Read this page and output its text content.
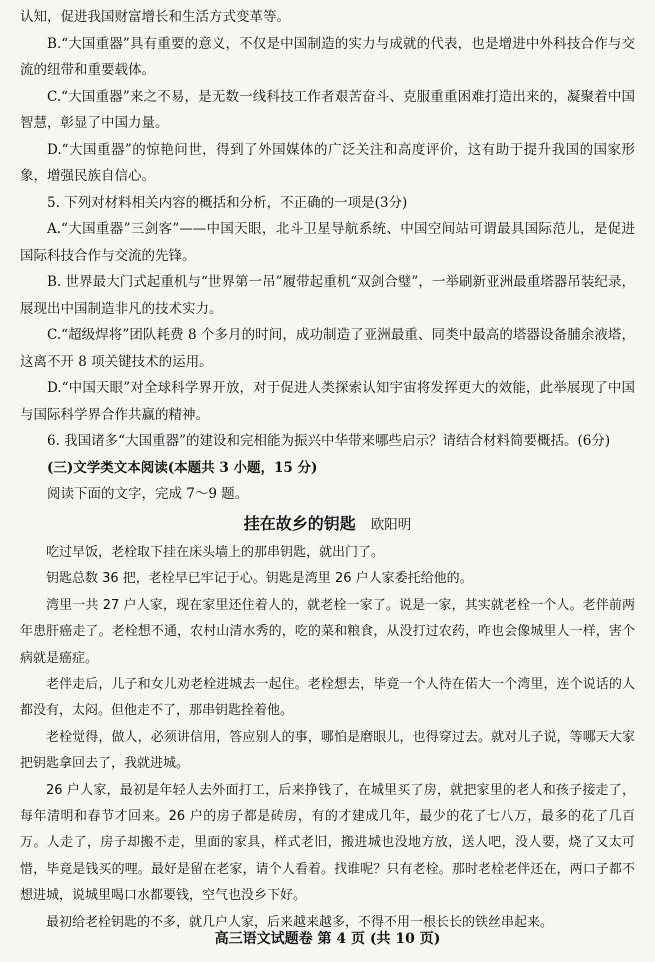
认知，促进我国财富增长和生活方式变革等。

B.“大国重器”具有重要的意义，不仅是中国制造的实力与成就的代表，也是增进中外科技合作与交流的纽带和重要载体。

C.“大国重器”来之不易，是无数一线科技工作者艰苦奋斗、克服重重困难打造出来的，凝聚着中国智慧，彰显了中国力量。

D.“大国重器”的惊艳问世，得到了外国媒体的广泛关注和高度评价，这有助于提升我国的国家形象，增强民族自信心。

5. 下列对材料相关内容的概括和分析，不正确的一项是(3分)

A.“大国重器”三剑客”——中国天眼，北斗卫星导航系统、中国空间站可谓最具国际范儿，是促进国际科技合作与交流的先锋。

B. 世界最大门式起重机与“世界第一吊”履带起重机“双剑合璧”，一举刷新亚洲最重塔器吊装纪录，展现出中国制造非凡的技术实力。

C.“超级焊将”团队耗费 8 个多月的时间，成功制造了亚洲最重、同类中最高的塔器设备脯余液塔，这离不开 8 项关键技术的运用。

D.“中国天眼”对全球科学界开放，对于促进人类探索认知宇宙将发挥更大的效能，此举展现了中国与国际科学界合作共赢的精神。

6. 我国诸多“大国重器”的建设和完相能为振兴中华带来哪些启示？请结合材料简要概括。(6分)

(三)文学类文本阅读(本题共 3 小题，15 分)

阅读下面的文字，完成 7～9 题。

挂在故乡的钥匙 欧阳明

吃过早饭，老栓取下挂在床头墙上的那串钥匙，就出门了。

钥匙总数 36 把，老栓早已牢记于心。钥匙是湾里 26 户人家委托给他的。

湾里一共 27 户人家，现在家里还住着人的，就老栓一家了。说是一家，其实就老栓一个人。老伴前两年患肝癌走了。老栓想不通，农村山清水秀的，吃的菜和粮食，从没打过农药，咋也会像城里人一样，害个病就是癌症。

老伴走后，儿子和女儿劝老栓进城去一起住。老栓想去，毕竟一个人待在偌大一个湾里，连个说话的人都没有，太闷。但他走不了，那串钥匙拴着他。

老栓觉得，做人，必须讲信用，答应别人的事，哪怕是磨眼儿，也得穿过去。就对儿子说，等哪天大家把钥匙拿回去了，我就进城。

26 户人家，最初是年轻人去外面打工，后来挣钱了，在城里买了房，就把家里的老人和孩子接走了，每年清明和春节才回来。26 户的房子都是砖房，有的才建成几年，最少的花了七八万，最多的花了几百万。人走了，房子却搬不走，里面的家具，样式老旧，搬进城也没地方放，送人吧，没人要，烧了又太可惜，毕竟是钱买的哩。最好是留在老家，请个人看着。找谁呢？只有老栓。那时老栓老伴还在，两口子都不想进城，说城里喝口水都要钱，空气也没乡下好。

最初给老栓钥匙的不多，就几户人家，后来越来越多，不得不用一根长长的铁丝串起来。

高三语文试题卷 第 4 页 (共 10 页)
